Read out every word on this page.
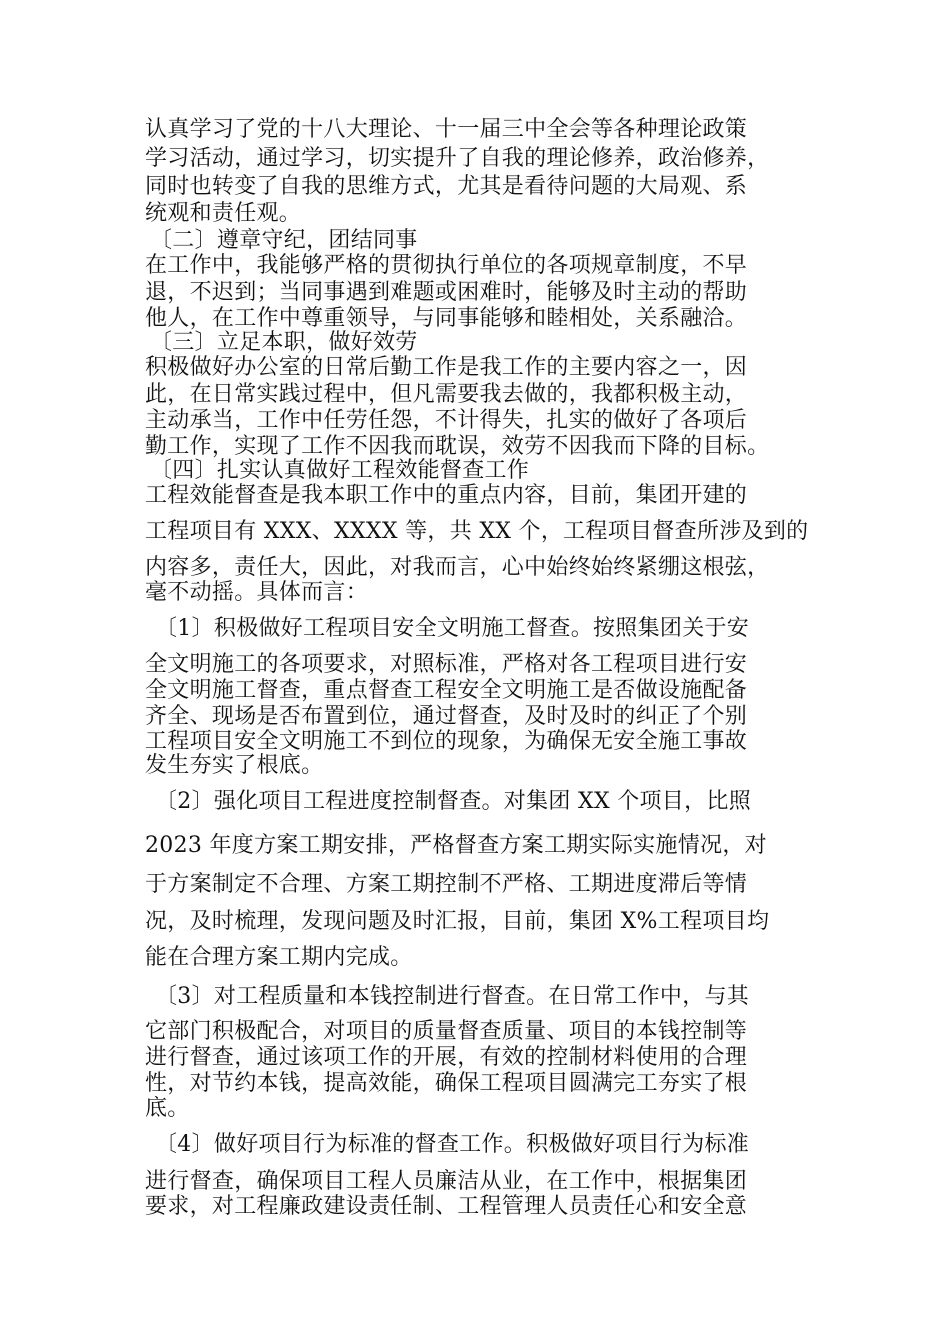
认真学习了党的十八大理论、十一届三中全会等各种理论政策
学习活动，通过学习，切实提升了自我的理论修养，政治修养，
同时也转变了自我的思维方式，尤其是看待问题的大局观、系
统观和责任观。
〔二〕遵章守纪，团结同事
在工作中，我能够严格的贯彻执行单位的各项规章制度，不早
退，不迟到；当同事遇到难题或困难时，能够及时主动的帮助
他人，在工作中尊重领导，与同事能够和睦相处，关系融洽。
〔三〕立足本职，做好效劳
积极做好办公室的日常后勤工作是我工作的主要内容之一，因
此，在日常实践过程中，但凡需要我去做的，我都积极主动，
主动承当，工作中任劳任怨，不计得失，扎实的做好了各项后
勤工作，实现了工作不因我而耽误，效劳不因我而下降的目标。
〔四〕扎实认真做好工程效能督查工作
工程效能督查是我本职工作中的重点内容，目前，集团开建的
工程项目有 XXX、XXXX 等，共 XX 个，工程项目督查所涉及到的
内容多，责任大，因此，对我而言，心中始终始终紧绷这根弦，
毫不动摇。具体而言：
〔1〕积极做好工程项目安全文明施工督查。按照集团关于安
全文明施工的各项要求，对照标准，严格对各工程项目进行安
全文明施工督查，重点督查工程安全文明施工是否做设施配备
齐全、现场是否布置到位，通过督查，及时及时的纠正了个别
工程项目安全文明施工不到位的现象，为确保无安全施工事故
发生夯实了根底。
〔2〕强化项目工程进度控制督查。对集团 XX 个项目，比照
2023 年度方案工期安排，严格督查方案工期实际实施情况，对
于方案制定不合理、方案工期控制不严格、工期进度滞后等情
况，及时梳理，发现问题及时汇报，目前，集团 X%工程项目均
能在合理方案工期内完成。
〔3〕对工程质量和本钱控制进行督查。在日常工作中，与其
它部门积极配合，对项目的质量督查质量、项目的本钱控制等
进行督查，通过该项工作的开展，有效的控制材料使用的合理
性，对节约本钱，提高效能，确保工程项目圆满完工夯实了根
底。
〔4〕做好项目行为标准的督查工作。积极做好项目行为标准
进行督查，确保项目工程人员廉洁从业，在工作中，根据集团
要求，对工程廉政建设责任制、工程管理人员责任心和安全意
